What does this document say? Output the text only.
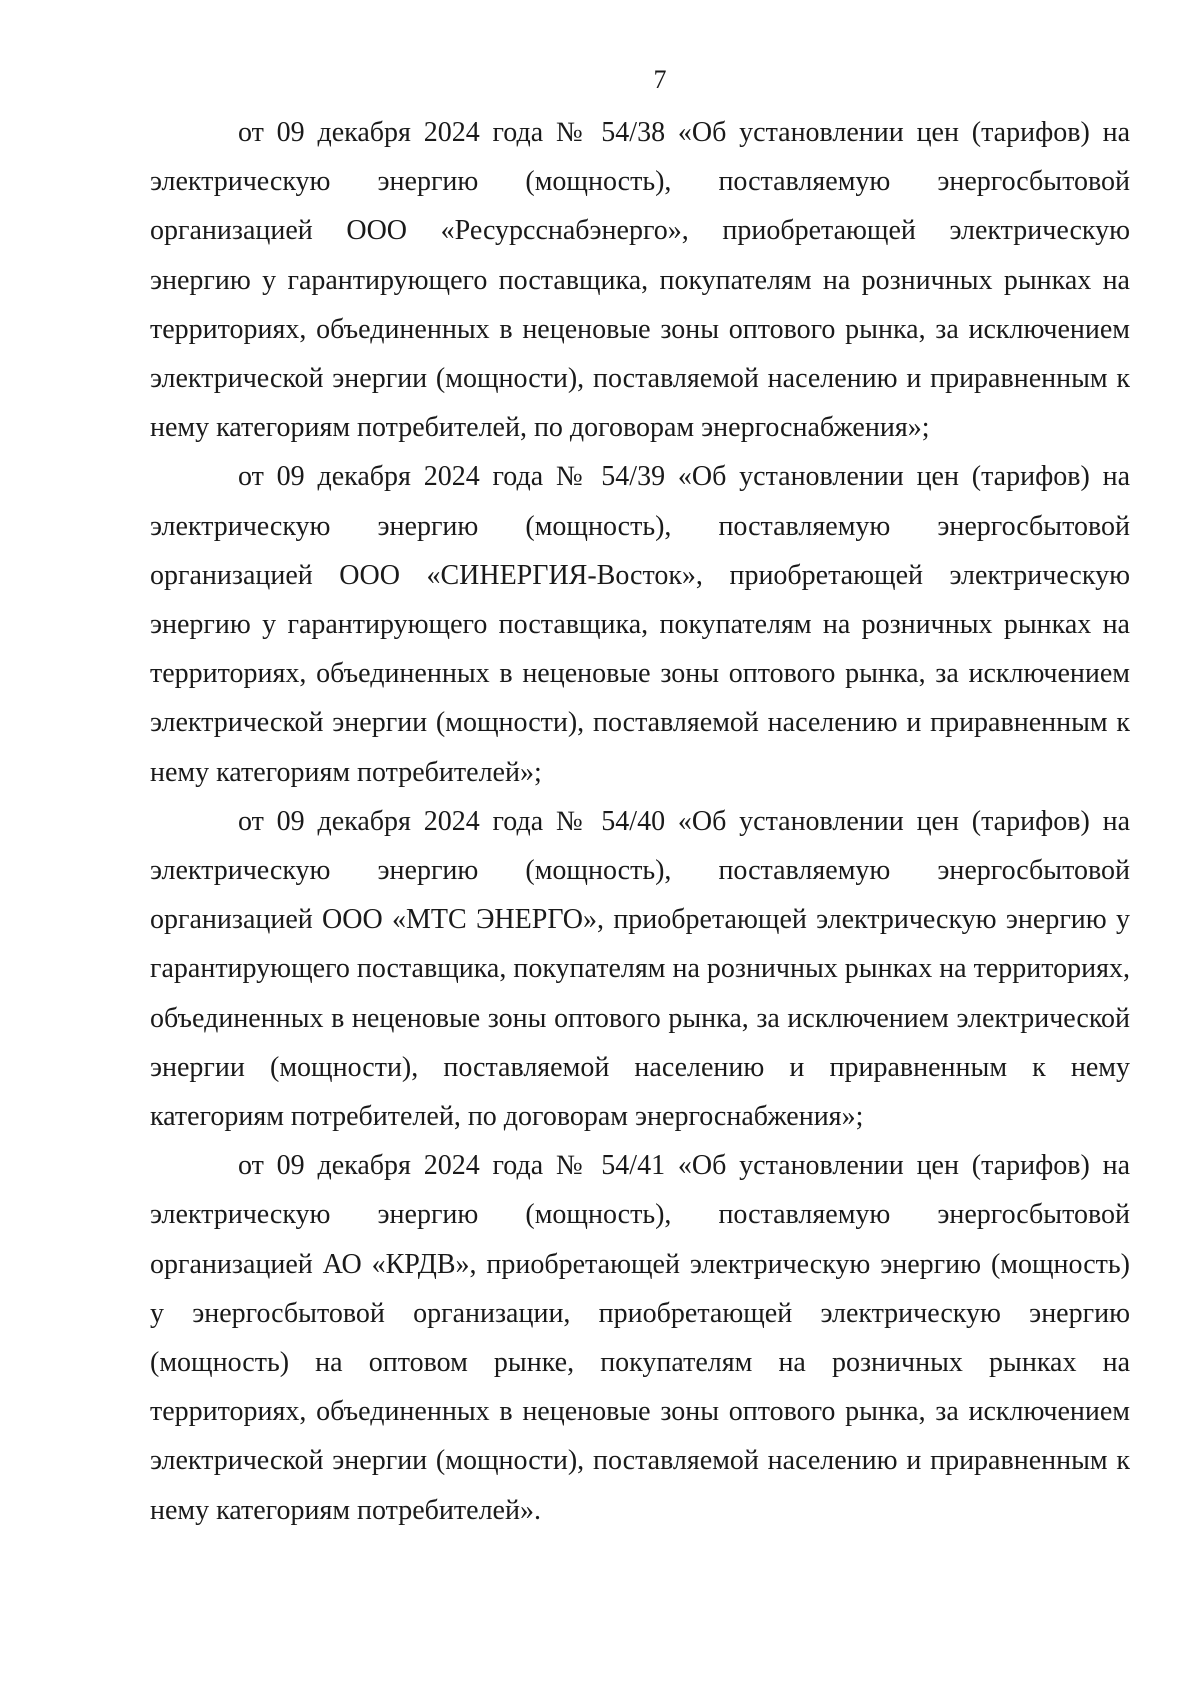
7

от 09 декабря 2024 года № 54/38 «Об установлении цен (тарифов) на электрическую энергию (мощность), поставляемую энергосбытовой организацией ООО «Ресурсснабэнерго», приобретающей электрическую энергию у гарантирующего поставщика, покупателям на розничных рынках на территориях, объединенных в неценовые зоны оптового рынка, за исключением электрической энергии (мощности), поставляемой населению и приравненным к нему категориям потребителей, по договорам энергоснабжения»;

от 09 декабря 2024 года № 54/39 «Об установлении цен (тарифов) на электрическую энергию (мощность), поставляемую энергосбытовой организацией ООО «СИНЕРГИЯ-Восток», приобретающей электрическую энергию у гарантирующего поставщика, покупателям на розничных рынках на территориях, объединенных в неценовые зоны оптового рынка, за исключением электрической энергии (мощности), поставляемой населению и приравненным к нему категориям потребителей»;

от 09 декабря 2024 года № 54/40 «Об установлении цен (тарифов) на электрическую энергию (мощность), поставляемую энергосбытовой организацией ООО «МТС ЭНЕРГО», приобретающей электрическую энергию у гарантирующего поставщика, покупателям на розничных рынках на территориях, объединенных в неценовые зоны оптового рынка, за исключением электрической энергии (мощности), поставляемой населению и приравненным к нему категориям потребителей, по договорам энергоснабжения»;

от 09 декабря 2024 года № 54/41 «Об установлении цен (тарифов) на электрическую энергию (мощность), поставляемую энергосбытовой организацией АО «КРДВ», приобретающей электрическую энергию (мощность) у энергосбытовой организации, приобретающей электрическую энергию (мощность) на оптовом рынке, покупателям на розничных рынках на территориях, объединенных в неценовые зоны оптового рынка, за исключением электрической энергии (мощности), поставляемой населению и приравненным к нему категориям потребителей».
